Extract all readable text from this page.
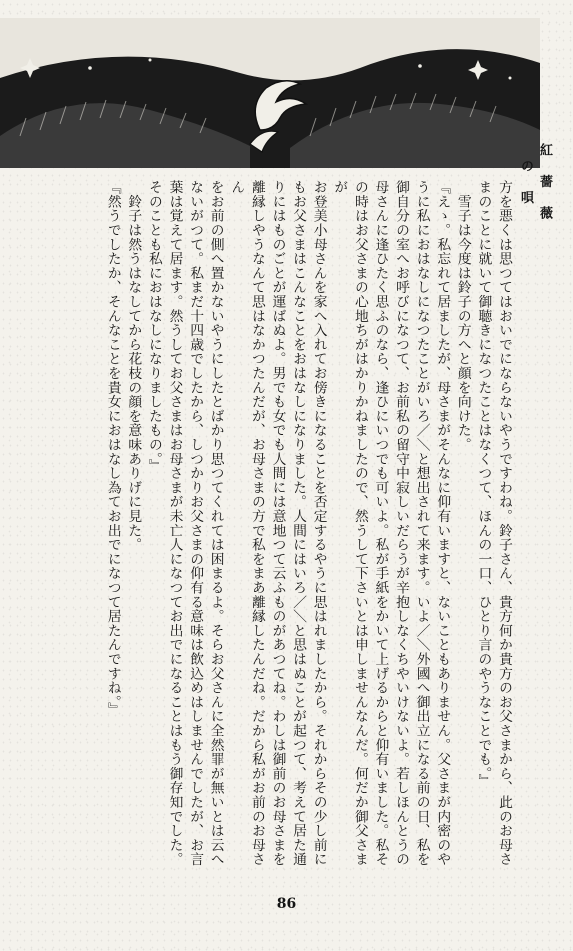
紅 薔 薇 の 唄

方を悪くは思つてはおいでにならないやうですわね。鈴子さん、貴方何か貴方のお父さまから、此のお母さ

まのことに就いて御聴きになつたことはなくつて、ほんの一口、ひとり言のやうなことでも。』

　雪子は今度は鈴子の方へと顔を向けた。

『えゝ。私忘れて居ましたが、母さまがそんなに仰有いますと、ないこともありません。父さまが内密のや

うに私におはなしになつたことがいろ／＼と想出されて来ます。いよ／＼外國へ御出立になる前の日、私を

御自分の室へお呼びになつて、お前私の留守中寂しいだらうが辛抱しなくちやいけないよ。若しほんとうの

母さんに逢ひたく思ふのなら、逢ひにいつでも可いよ。私が手紙をかいて上げるからと仰有いました。私そ

の時はお父さまの心地ちがはかりかねましたので、然うして下さいとは申しませんなんだ。何だか御父さまが

お登美小母さんを家へ入れてお傍きになることを否定するやうに思はれましたから。それからその少し前に

もお父さまはこんなことをおはなしになりました。人間にはいろ／＼と思はぬことが起つて、考えて居た通

りにはものごとが運ばぬよ。男でも女でも人間には意地つて云ふものがあつてね。わしは御前のお母さまを

離縁しやうなんて思はなかつたんだが、お母さまの方で私をまあ離縁したんだね。だから私がお前のお母さん

をお前の側へ置かないやうにしたとばかり思つてくれては困まるよ。そらお父さんに全然罪が無いとは云へ

ないがつて。私まだ十四歳でしたから、しつかりお父さまの仰有る意味は飲込めはしませんでしたが、お言

葉は覚えて居ます。然うしてお父さまはお母さまが未亡人になつてお出でになることはもう御存知でした。

そのことも私におはなしになりましたもの。』

　鈴子は然うはなしてから花枝の顔を意味ありげに見た。

『然うでしたか、そんなことを貴女におはなし為てお出でになつて居たんですね。』

86
